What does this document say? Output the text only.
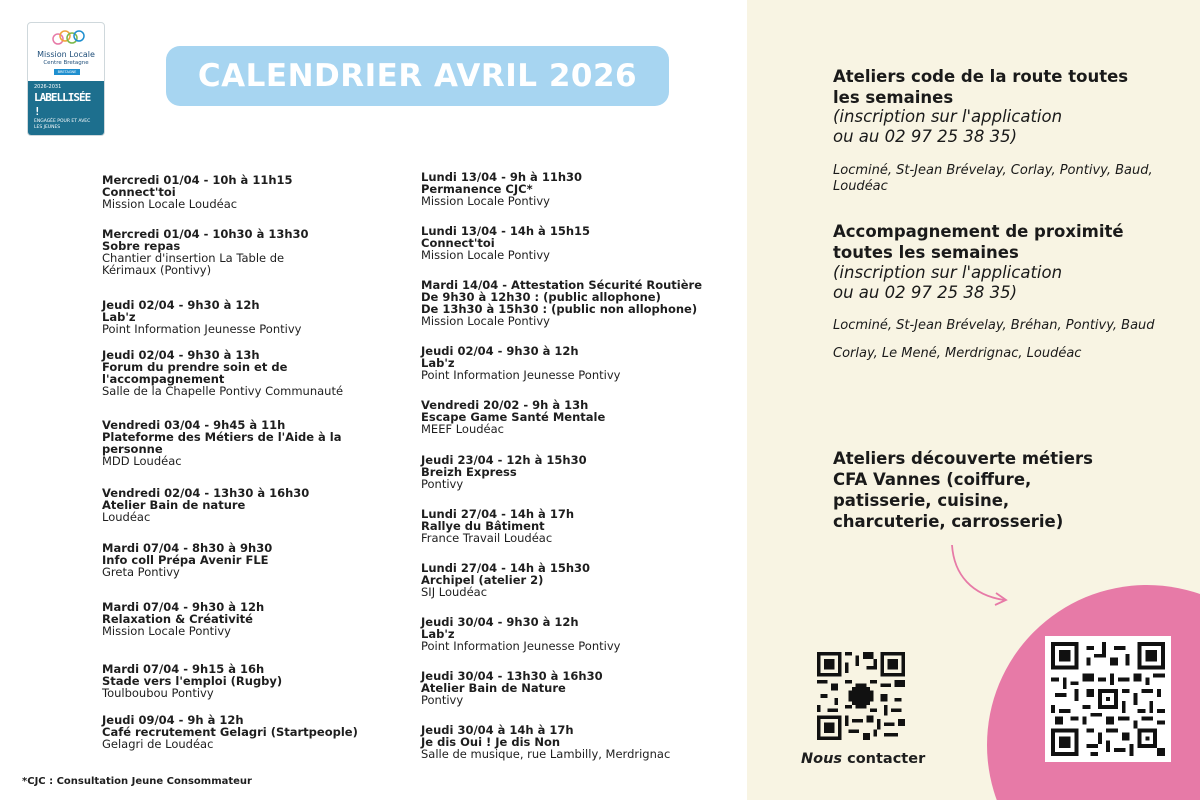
Mission Locale
Centre Bretagne
BRETAGNE
2026-2031
LABELLISÉE !
ENGAGÉE POUR ET AVEC LES JEUNES
CALENDRIER AVRIL 2026
Mercredi 01/04 - 10h à 11h15
Connect'toi
Mission Locale Loudéac
Mercredi 01/04 - 10h30 à 13h30
Sobre repas
Chantier d'insertion La Table de
Kérimaux (Pontivy)
Jeudi 02/04 - 9h30 à 12h
Lab'z
Point Information Jeunesse Pontivy
Jeudi 02/04 - 9h30 à 13h
Forum du prendre soin et de
l'accompagnement
Salle de la Chapelle Pontivy Communauté
Vendredi 03/04 - 9h45 à 11h
Plateforme des Métiers de l'Aide à la
personne
MDD Loudéac
Vendredi 02/04 - 13h30 à 16h30
Atelier Bain de nature
Loudéac
Mardi 07/04 - 8h30 à 9h30
Info coll Prépa Avenir FLE
Greta Pontivy
Mardi 07/04 - 9h30 à 12h
Relaxation & Créativité
Mission Locale Pontivy
Mardi 07/04 - 9h15 à 16h
Stade vers l'emploi (Rugby)
Toulboubou Pontivy
Jeudi 09/04 - 9h à 12h
Café recrutement Gelagri (Startpeople)
Gelagri de Loudéac
Lundi 13/04 - 9h à 11h30
Permanence CJC*
Mission Locale Pontivy
Lundi 13/04 - 14h à 15h15
Connect'toi
Mission Locale Pontivy
Mardi 14/04 - Attestation Sécurité Routière
De 9h30 à 12h30 : (public allophone)
De 13h30 à 15h30 : (public non allophone)
Mission Locale Pontivy
Jeudi 02/04 - 9h30 à 12h
Lab'z
Point Information Jeunesse Pontivy
Vendredi 20/02 - 9h à 13h
Escape Game Santé Mentale
MEEF Loudéac
Jeudi 23/04 - 12h à 15h30
Breizh Express
Pontivy
Lundi 27/04 - 14h à 17h
Rallye du Bâtiment
France Travail Loudéac
Lundi 27/04 - 14h à 15h30
Archipel (atelier 2)
SIJ Loudéac
Jeudi 30/04 - 9h30 à 12h
Lab'z
Point Information Jeunesse Pontivy
Jeudi 30/04 - 13h30 à 16h30
Atelier Bain de Nature
Pontivy
Jeudi 30/04 à 14h à 17h
Je dis Oui ! Je dis Non
Salle de musique, rue Lambilly, Merdrignac
*CJC : Consultation Jeune Consommateur
Ateliers code de la route toutes
les semaines
(inscription sur l'application
ou au 02 97 25 38 35)
Locminé, St-Jean Brévelay, Corlay, Pontivy, Baud,
Loudéac
Accompagnement de proximité
toutes les semaines
(inscription sur l'application
ou au 02 97 25 38 35)
Locminé, St-Jean Brévelay, Bréhan, Pontivy, Baud
Corlay, Le Mené, Merdrignac, Loudéac
Ateliers découverte métiers
CFA Vannes (coiffure,
patisserie, cuisine,
charcuterie, carrosserie)
Nous contacter
